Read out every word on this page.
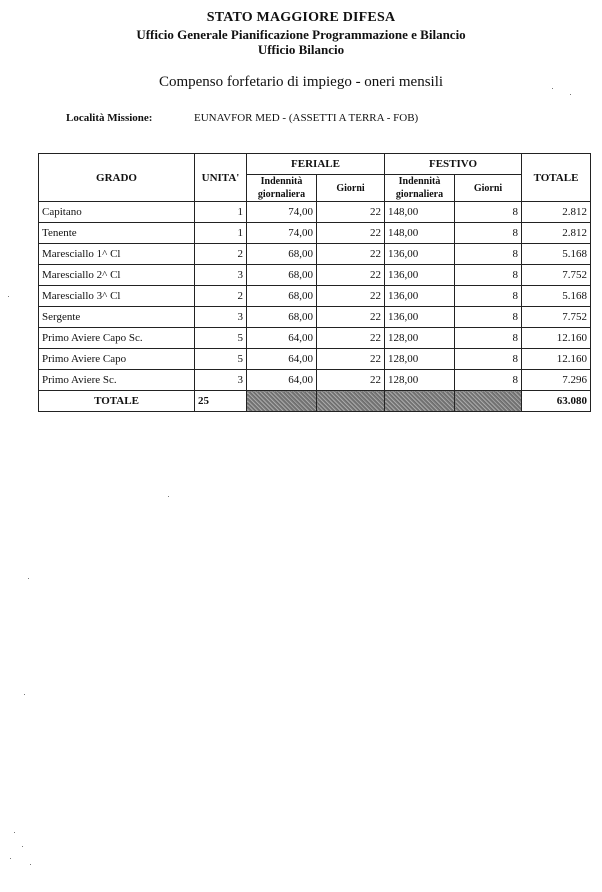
STATO MAGGIORE DIFESA
Ufficio Generale Pianificazione Programmazione e Bilancio
Ufficio Bilancio
Compenso forfetario di impiego - oneri mensili
Località Missione:	EUNAVFOR MED - (ASSETTI A TERRA - FOB)
GRADO	UNITA'	FERIALE		FESTIVO		TOTALE
		Indennità giornaliera	Giorni	Indennità giornaliera	Giorni	
Capitano	1	74,00	22	148,00	8	2.812
Tenente	1	74,00	22	148,00	8	2.812
Maresciallo 1^ Cl	2	68,00	22	136,00	8	5.168
Maresciallo 2^ Cl	3	68,00	22	136,00	8	7.752
Maresciallo 3^ Cl	2	68,00	22	136,00	8	5.168
Sergente	3	68,00	22	136,00	8	7.752
Primo Aviere Capo Sc.	5	64,00	22	128,00	8	12.160
Primo Aviere Capo	5	64,00	22	128,00	8	12.160
Primo Aviere Sc.	3	64,00	22	128,00	8	7.296
TOTALE	25					63.080
